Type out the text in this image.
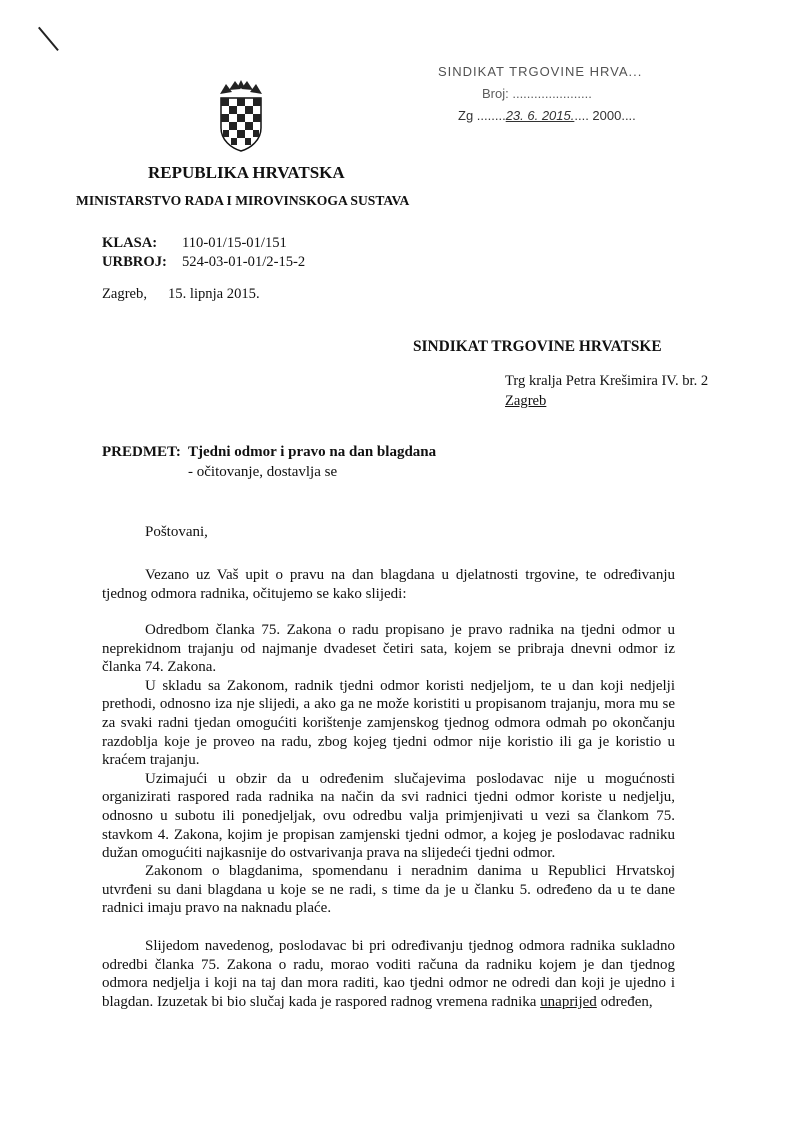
SINDIKAT TRGOVINE HRVA...
Broj: ......................
Zg ........23. 6. 2015..... 2000....
REPUBLIKA HRVATSKA
MINISTARSTVO RADA I MIROVINSKOGA SUSTAVA
KLASA:	110-01/15-01/151
URBROJ:	524-03-01-01/2-15-2
Zagreb,	15. lipnja 2015.
SINDIKAT TRGOVINE HRVATSKE
Trg kralja Petra Krešimira IV. br. 2
Zagreb
PREDMET: Tjedni odmor i pravo na dan blagdana
- očitovanje, dostavlja se
Poštovani,
Vezano uz Vaš upit o pravu na dan blagdana u djelatnosti trgovine, te određivanju tjednog odmora radnika, očitujemo se kako slijedi:

Odredbom članka 75. Zakona o radu propisano je pravo radnika na tjedni odmor u neprekidnom trajanju od najmanje dvadeset četiri sata, kojem se pribraja dnevni odmor iz članka 74. Zakona.

U skladu sa Zakonom, radnik tjedni odmor koristi nedjeljom, te u dan koji nedjelji prethodi, odnosno iza nje slijedi, a ako ga ne može koristiti u propisanom trajanju, mora mu se za svaki radni tjedan omogućiti korištenje zamjenskog tjednog odmora odmah po okončanju razdoblja koje je proveo na radu, zbog kojeg tjedni odmor nije koristio ili ga je koristio u kraćem trajanju.

Uzimajući u obzir da u određenim slučajevima poslodavac nije u mogućnosti organizirati raspored rada radnika na način da svi radnici tjedni odmor koriste u nedjelju, odnosno u subotu ili ponedjeljak, ovu odredbu valja primjenjivati u vezi sa člankom 75. stavkom 4. Zakona, kojim je propisan zamjenski tjedni odmor, a kojeg je poslodavac radniku dužan omogućiti najkasnije do ostvarivanja prava na slijedeći tjedni odmor.

Zakonom o blagdanima, spomendanu i neradnim danima u Republici Hrvatskoj utvrđeni su dani blagdana u koje se ne radi, s time da je u članku 5. određeno da u te dane radnici imaju pravo na naknadu plaće.
Slijedom navedenog, poslodavac bi pri određivanju tjednog odmora radnika sukladno odredbi članka 75. Zakona o radu, morao voditi računa da radniku kojem je dan tjednog odmora nedjelja i koji na taj dan mora raditi, kao tjedni odmor ne odredi dan koji je ujedno i blagdan. Izuzetak bi bio slučaj kada je raspored radnog vremena radnika unaprijed određen,
